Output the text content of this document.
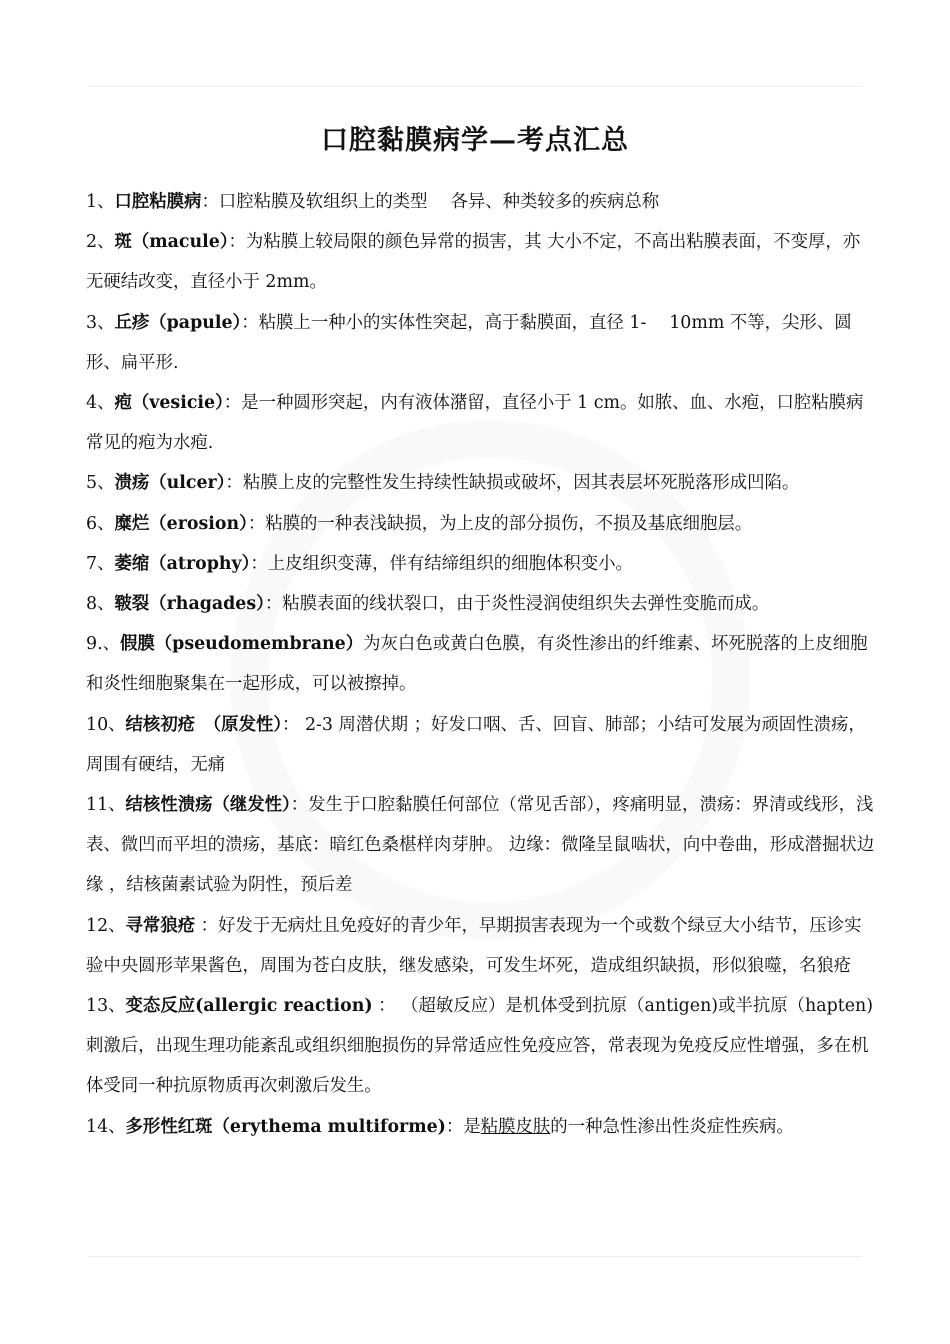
口腔黏膜病学—考点汇总

1、口腔粘膜病：口腔粘膜及软组织上的类型　 各异、种类较多的疾病总称

2、斑（macule）：为粘膜上较局限的颜色异常的损害，其 大小不定，不高出粘膜表面，不变厚，亦无硬结改变，直径小于 2mm。

3、丘疹（papule）：粘膜上一种小的实体性突起，高于黏膜面，直径 1-　 10mm 不等，尖形、圆形、扁平形.

4、疱（vesicie）：是一种圆形突起，内有液体潴留，直径小于 1 cm。如脓、血、水疱，口腔粘膜病常见的疱为水疱.

5、溃疡（ulcer）：粘膜上皮的完整性发生持续性缺损或破坏，因其表层坏死脱落形成凹陷。

6、糜烂（erosion）：粘膜的一种表浅缺损，为上皮的部分损伤，不损及基底细胞层。

7、萎缩（atrophy）：上皮组织变薄，伴有结缔组织的细胞体积变小。

8、皲裂（rhagades）：粘膜表面的线状裂口，由于炎性浸润使组织失去弹性变脆而成。

9.、假膜（pseudomembrane）为灰白色或黄白色膜，有炎性渗出的纤维素、坏死脱落的上皮细胞和炎性细胞聚集在一起形成，可以被擦掉。

10、结核初疮　（原发性）： 2-3 周潜伏期 ；好发口咽、舌、回盲、肺部；小结可发展为顽固性溃疡，周围有硬结，无痛

11、结核性溃疡（继发性）：发生于口腔黏膜任何部位（常见舌部），疼痛明显，溃疡：界清或线形，浅表、微凹而平坦的溃疡，基底：暗红色桑椹样肉芽肿。 边缘：微隆呈鼠啮状，向中卷曲，形成潜掘状边缘 ，结核菌素试验为阴性，预后差

12、寻常狼疮 ：好发于无病灶且免疫好的青少年，早期损害表现为一个或数个绿豆大小结节，压诊实验中央圆形苹果酱色，周围为苍白皮肤，继发感染，可发生坏死，造成组织缺损，形似狼噬，名狼疮

13、变态反应(allergic reaction) ： （超敏反应）是机体受到抗原（antigen)或半抗原（hapten) 刺激后，出现生理功能紊乱或组织细胞损伤的异常适应性免疫应答，常表现为免疫反应性增强，多在机体受同一种抗原物质再次刺激后发生。

14、多形性红斑（erythema multiforme)：是粘膜皮肤的一种急性渗出性炎症性疾病。
